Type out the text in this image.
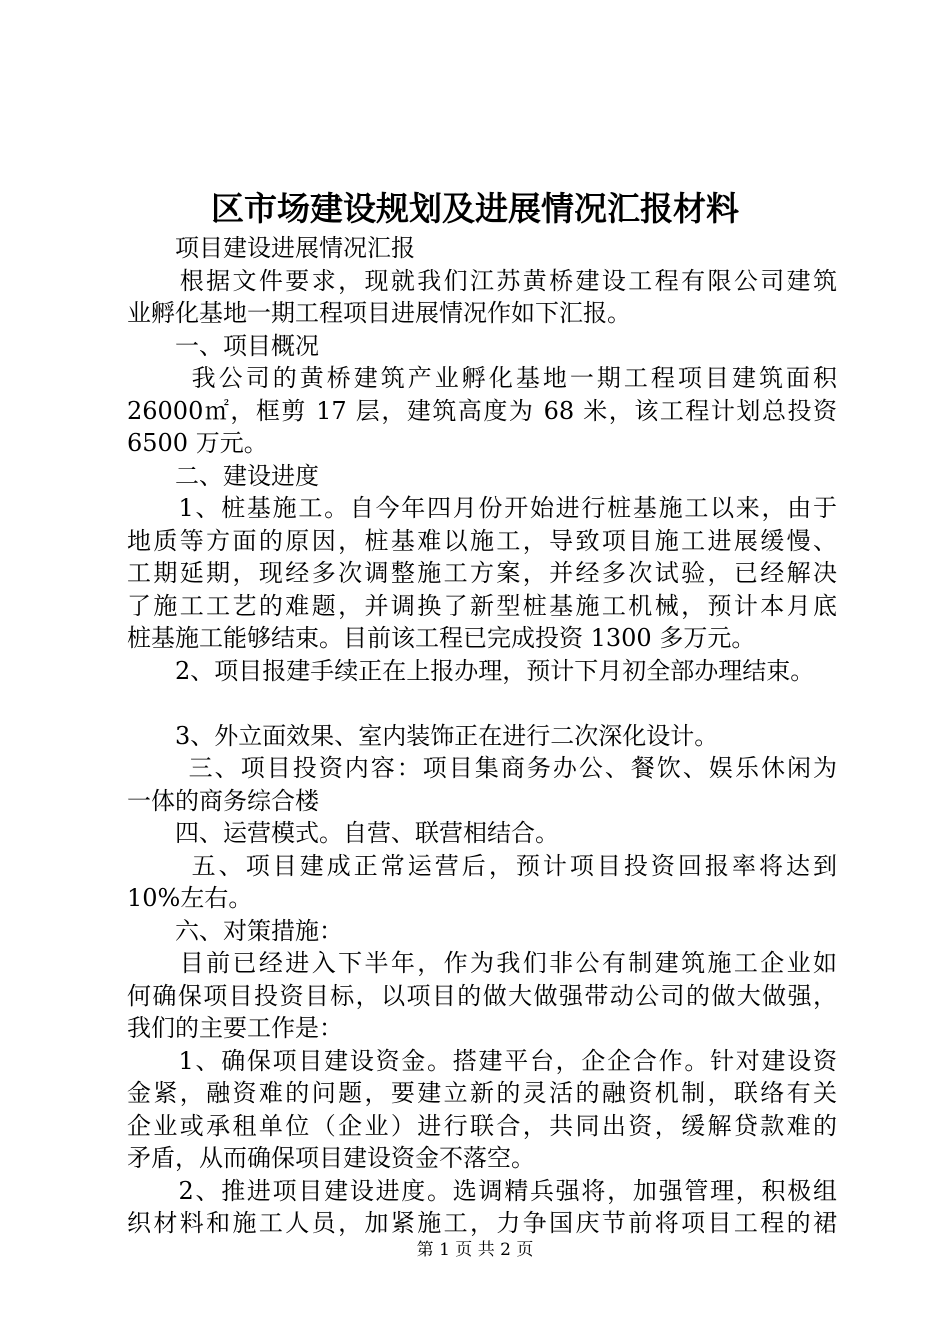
区市场建设规划及进展情况汇报材料
　　项目建设进展情况汇报
　　根据文件要求，现就我们江苏黄桥建设工程有限公司建筑
业孵化基地一期工程项目进展情况作如下汇报。
　　一、项目概况
　　 我公司的黄桥建筑产业孵化基地一期工程项目建筑面积
26000㎡，框剪 17 层，建筑高度为 68 米，该工程计划总投资
6500 万元。
　　二、建设进度
　　1、桩基施工。自今年四月份开始进行桩基施工以来，由于
地质等方面的原因，桩基难以施工，导致项目施工进展缓慢、
工期延期，现经多次调整施工方案，并经多次试验，已经解决
了施工工艺的难题，并调换了新型桩基施工机械，预计本月底
桩基施工能够结束。目前该工程已完成投资 1300 多万元。
　　2、项目报建手续正在上报办理，预计下月初全部办理结束。
　　3、外立面效果、室内装饰正在进行二次深化设计。
　　 三、项目投资内容：项目集商务办公、餐饮、娱乐休闲为
一体的商务综合楼
　　四、运营模式。自营、联营相结合。
　　 五、项目建成正常运营后，预计项目投资回报率将达到
10%左右。
　　六、对策措施：
　　目前已经进入下半年，作为我们非公有制建筑施工企业如
何确保项目投资目标，以项目的做大做强带动公司的做大做强，
我们的主要工作是：
　　1、确保项目建设资金。搭建平台，企企合作。针对建设资
金紧，融资难的问题，要建立新的灵活的融资机制，联络有关
企业或承租单位（企业）进行联合，共同出资，缓解贷款难的
矛盾，从而确保项目建设资金不落空。
　　2、推进项目建设进度。选调精兵强将，加强管理，积极组
织材料和施工人员，加紧施工，力争国庆节前将项目工程的裙
第 1 页 共 2 页
